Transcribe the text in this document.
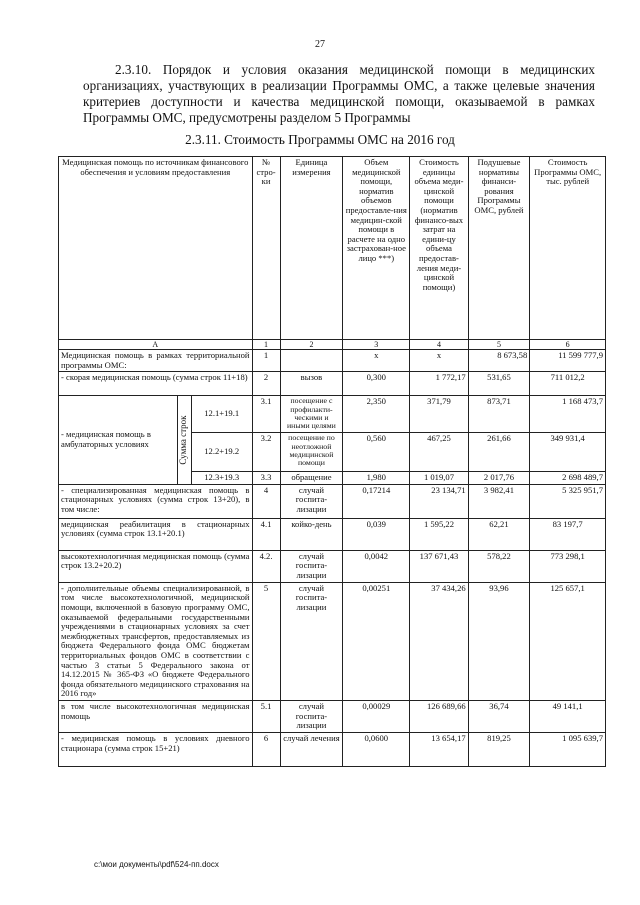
27
2.3.10. Порядок и условия оказания медицинской помощи в медицинских организациях, участвующих в реализации Программы ОМС, а также целевые значения критериев доступности и качества медицинской помощи, оказываемой в рамках Программы ОМС, предусмотрены разделом 5 Программы
2.3.11. Стоимость Программы ОМС на 2016 год
Медицинская помощь по источникам финансового обеспечения и условиям предоставления			№ стро-ки	Единица измерения	Объем медицинской помощи, норматив объемов предоставле-ния медицин-ской помощи в расчете на одно застрахован-ное лицо ***)	Стоимость единицы объема меди-цинской помощи (норматив финансо-вых затрат на едини-цу объема предостав-ления меди-цинской помощи)	Подушевые нормативы финанси-рования Программы ОМС, рублей	Стоимость Программы ОМС, тыс. рублей
А			1	2	3	4	5	6
Медицинская помощь в рамках территориальной программы ОМС:			1		х	х	8 673,58	11 599 777,9
- скорая медицинская помощь (сумма строк 11+18)			2	вызов	0,300	1 772,17	531,65	711 012,2
- медицинская помощь в амбулаторных условиях	Сумма строк	12.1+19.1	3.1	посещение с профилакти-ческими и иными целями	2,350	371,79	873,71	1 168 473,7
		12.2+19.2	3.2	посещение по неотложной медицинской помощи	0,560	467,25	261,66	349 931,4
		12.3+19.3	3.3	обращение	1,980	1 019,07	2 017,76	2 698 489,7
- специализированная медицинская помощь в стационарных условиях (сумма строк 13+20), в том числе:			4	случай госпита-лизации	0,17214	23 134,71	3 982,41	5 325 951,7
медицинская реабилитация в стационарных условиях (сумма строк 13.1+20.1)			4.1	койко-день	0,039	1 595,22	62,21	83 197,7
высокотехнологичная медицинская помощь (сумма строк 13.2+20.2)			4.2.	случай госпита-лизации	0,0042	137 671,43	578,22	773 298,1
- дополнительные объемы специализированной, в том числе высокотехнологичной, медицинской помощи, включенной в базовую программу ОМС, оказываемой федеральными государственными учреждениями в стационарных условиях за счет межбюджетных трансфертов, предоставляемых из бюджета Федерального фонда ОМС бюджетам территориальных фондов ОМС в соответствии с частью 3 статьи 5 Федерального закона от 14.12.2015 № 365-ФЗ «О бюджете Федерального фонда обязательного медицинского страхования на 2016 год»			5	случай госпита-лизации	0,00251	37 434,26	93,96	125 657,1
в том числе высокотехнологичная медицинская помощь			5.1	случай госпита-лизации	0,00029	126 689,66	36,74	49 141,1
- медицинская помощь в условиях дневного стационара (сумма строк 15+21)			6	случай лечения	0,0600	13 654,17	819,25	1 095 639,7
с:\мои документы\pdf\524-пп.docx
